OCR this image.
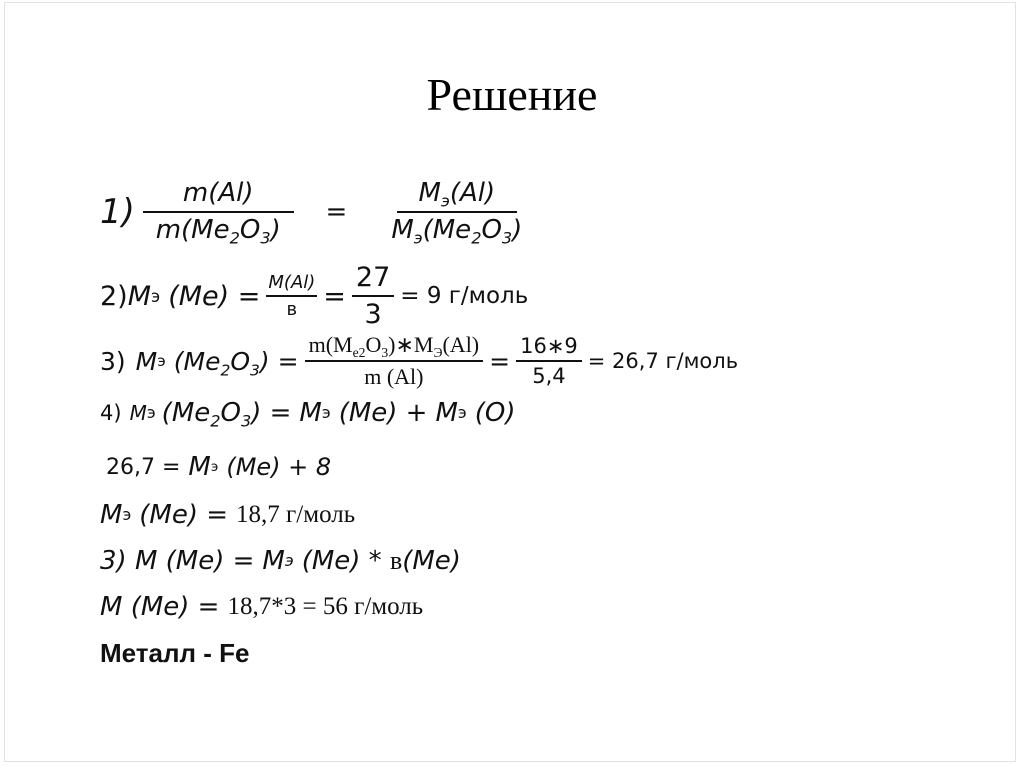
Решение
$1) \frac{m(Al)}{m(Me_2O_3)} = \frac{M_э(Al)}{M_э(Me_2O_3)}$
2) M э $(Me) = \frac{M(Al)}{в} = \frac{27}{3} = 9$ г/моль
3) M э $(Me_2O_3) = \frac{m(M_{e2}O_3)∗M_Э(Al)}{m (Al)} = \frac{16∗9}{5,4} = 26,7$ г/моль
4) M э $(Me_2O_3) = M$ э (Me) + M э (O)
26,7 = M э (Me) + 8
M э (Me) = 18,7 г/моль
3) M (Me) = M э (Me) * в (Me)
M (Me) = 18,7*3 = 56 г/моль
Металл - Fe
